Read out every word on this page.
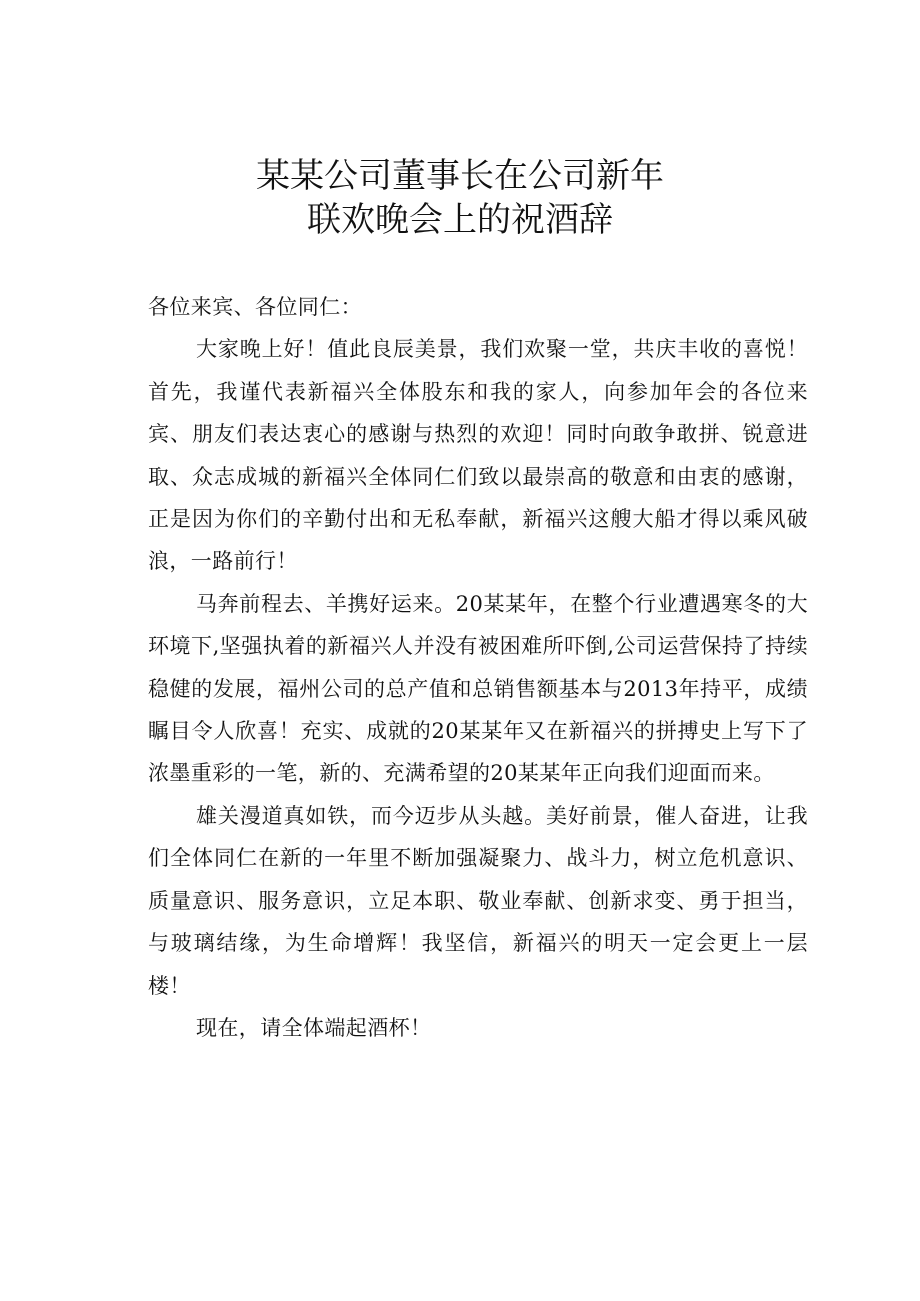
某某公司董事长在公司新年
联欢晚会上的祝酒辞

各位来宾、各位同仁：

大家晚上好！值此良辰美景，我们欢聚一堂，共庆丰收的喜悦！首先，我谨代表新福兴全体股东和我的家人，向参加年会的各位来宾、朋友们表达衷心的感谢与热烈的欢迎！同时向敢争敢拼、锐意进取、众志成城的新福兴全体同仁们致以最崇高的敬意和由衷的感谢，正是因为你们的辛勤付出和无私奉献，新福兴这艘大船才得以乘风破浪，一路前行！

马奔前程去、羊携好运来。20某某年，在整个行业遭遇寒冬的大环境下,坚强执着的新福兴人并没有被困难所吓倒,公司运营保持了持续稳健的发展，福州公司的总产值和总销售额基本与2013年持平，成绩瞩目令人欣喜！充实、成就的20某某年又在新福兴的拼搏史上写下了浓墨重彩的一笔，新的、充满希望的20某某年正向我们迎面而来。

雄关漫道真如铁，而今迈步从头越。美好前景，催人奋进，让我们全体同仁在新的一年里不断加强凝聚力、战斗力，树立危机意识、质量意识、服务意识，立足本职、敬业奉献、创新求变、勇于担当，与玻璃结缘，为生命增辉！我坚信，新福兴的明天一定会更上一层楼！

现在，请全体端起酒杯！
